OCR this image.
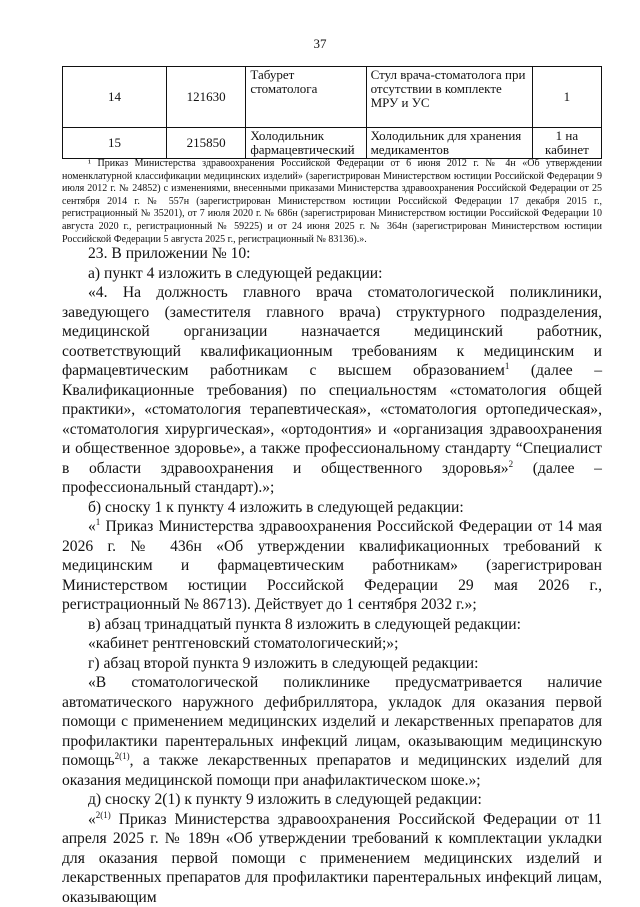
37
14	121630	Табурет стоматолога	Стул врача-стоматолога при отсутствии в комплекте МРУ и УС	1
15	215850	Холодильник фармацевтический	Холодильник для хранения медикаментов	1 на кабинет
¹ Приказ Министерства здравоохранения Российской Федерации от 6 июня 2012 г. № 4н «Об утверждении номенклатурной классификации медицинских изделий» (зарегистрирован Министерством юстиции Российской Федерации 9 июля 2012 г. № 24852) с изменениями, внесенными приказами Министерства здравоохранения Российской Федерации от 25 сентября 2014 г. № 557н (зарегистрирован Министерством юстиции Российской Федерации 17 декабря 2015 г., регистрационный № 35201), от 7 июля 2020 г. № 686н (зарегистрирован Министерством юстиции Российской Федерации 10 августа 2020 г., регистрационный № 59225) и от 24 июня 2025 г. № 364н (зарегистрирован Министерством юстиции Российской Федерации 5 августа 2025 г., регистрационный № 83136).».

23. В приложении № 10:

а) пункт 4 изложить в следующей редакции:

«4. На должность главного врача стоматологической поликлиники, заведующего (заместителя главного врача) структурного подразделения, медицинской организации назначается медицинский работник, соответствующий квалификационным требованиям к медицинским и фармацевтическим работникам с высшем образованием$^1$ (далее – Квалификационные требования) по специальностям «стоматология общей практики», «стоматология терапевтическая», «стоматология ортопедическая», «стоматология хирургическая», «ортодонтия» и «организация здравоохранения и общественное здоровье», а также профессиональному стандарту “Специалист в области здравоохранения и общественного здоровья»$^2$ (далее – профессиональный стандарт).»;

б) сноску 1 к пункту 4 изложить в следующей редакции:

«$^1$ Приказ Министерства здравоохранения Российской Федерации от 14 мая 2026 г. № 436н «Об утверждении квалификационных требований к медицинским и фармацевтическим работникам» (зарегистрирован Министерством юстиции Российской Федерации 29 мая 2026 г., регистрационный № 86713). Действует до 1 сентября 2032 г.»;

в) абзац тринадцатый пункта 8 изложить в следующей редакции:

«кабинет рентгеновский стоматологический;»;

г) абзац второй пункта 9 изложить в следующей редакции:

«В стоматологической поликлинике предусматривается наличие автоматического наружного дефибриллятора, укладок для оказания первой помощи с применением медицинских изделий и лекарственных препаратов для профилактики парентеральных инфекций лицам, оказывающим медицинскую помощь$^{2(1)}$, а также лекарственных препаратов и медицинских изделий для оказания медицинской помощи при анафилактическом шоке.»;

д) сноску 2(1) к пункту 9 изложить в следующей редакции:

«$^{2(1)}$ Приказ Министерства здравоохранения Российской Федерации от 11 апреля 2025 г. № 189н «Об утверждении требований к комплектации укладки для оказания первой помощи с применением медицинских изделий и лекарственных препаратов для профилактики парентеральных инфекций лицам, оказывающим
